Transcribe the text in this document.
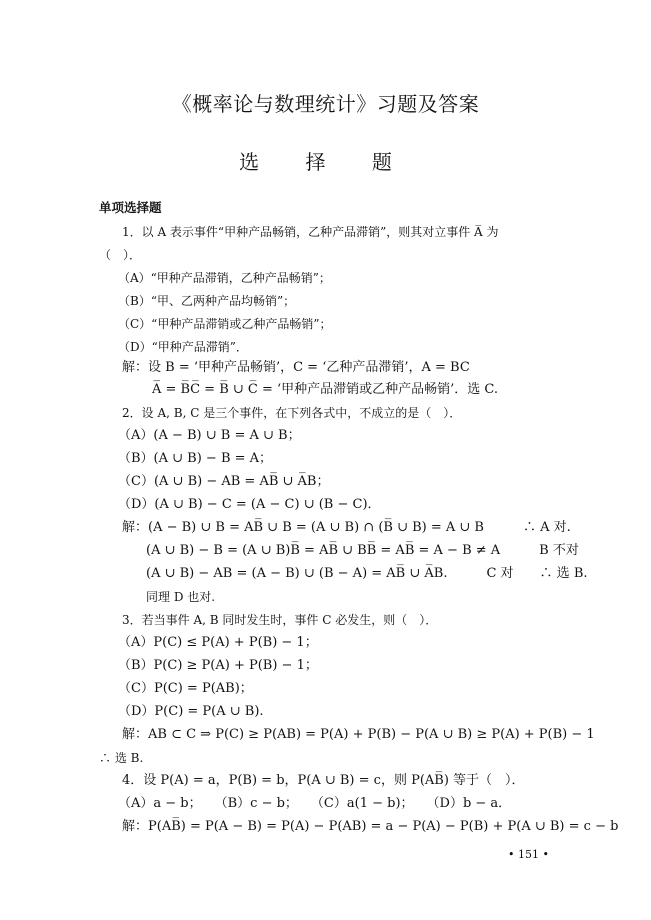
《概率论与数理统计》习题及答案
选 择 题
单项选择题
1．以 A 表示事件“甲种产品畅销，乙种产品滞销”，则其对立事件 A̅ 为
（　）．
（A）“甲种产品滞销，乙种产品畅销”；
（B）“甲、乙两种产品均畅销”；
（C）“甲种产品滞销或乙种产品畅销”；
（D）“甲种产品滞销”．
解：设 B = ‘甲种产品畅销’，C = ‘乙种产品滞销’，A = BC
A̅ = B̅C̅ = B̅ ∪ C̅ = ‘甲种产品滞销或乙种产品畅销’．选 C.
2．设 A, B, C 是三个事件，在下列各式中，不成立的是（　）．
（A）(A − B) ∪ B = A ∪ B；
（B）(A ∪ B) − B = A；
（C）(A ∪ B) − AB = AB̅ ∪ A̅B；
（D）(A ∪ B) − C = (A − C) ∪ (B − C)．
解：(A − B) ∪ B = AB̅ ∪ B = (A ∪ B) ∩ (B̅ ∪ B) = A ∪ B　　　∴ A 对.
(A ∪ B) − B = (A ∪ B)B̅ = AB̅ ∪ BB̅ = AB̅ = A − B ≠ A　　　B 不对
(A ∪ B) − AB = (A − B) ∪ (B − A) = AB̅ ∪ A̅B.　　　C 对　　∴ 选 B.
同理 D 也对.
3．若当事件 A, B 同时发生时，事件 C 必发生，则（　）．
（A）P(C) ≤ P(A) + P(B) − 1；
（B）P(C) ≥ P(A) + P(B) − 1；
（C）P(C) = P(AB)；
（D）P(C) = P(A ∪ B).
解：AB ⊂ C ⇒ P(C) ≥ P(AB) = P(A) + P(B) − P(A ∪ B) ≥ P(A) + P(B) − 1
∴ 选 B.
4．设 P(A) = a，P(B) = b，P(A ∪ B) = c，则 P(AB̅) 等于（　）．
（A）a − b；　　（B）c − b；　　（C）a(1 − b)；　　（D）b − a．
解：P(AB̅) = P(A − B) = P(A) − P(AB) = a − P(A) − P(B) + P(A ∪ B) = c − b
• 151 •
